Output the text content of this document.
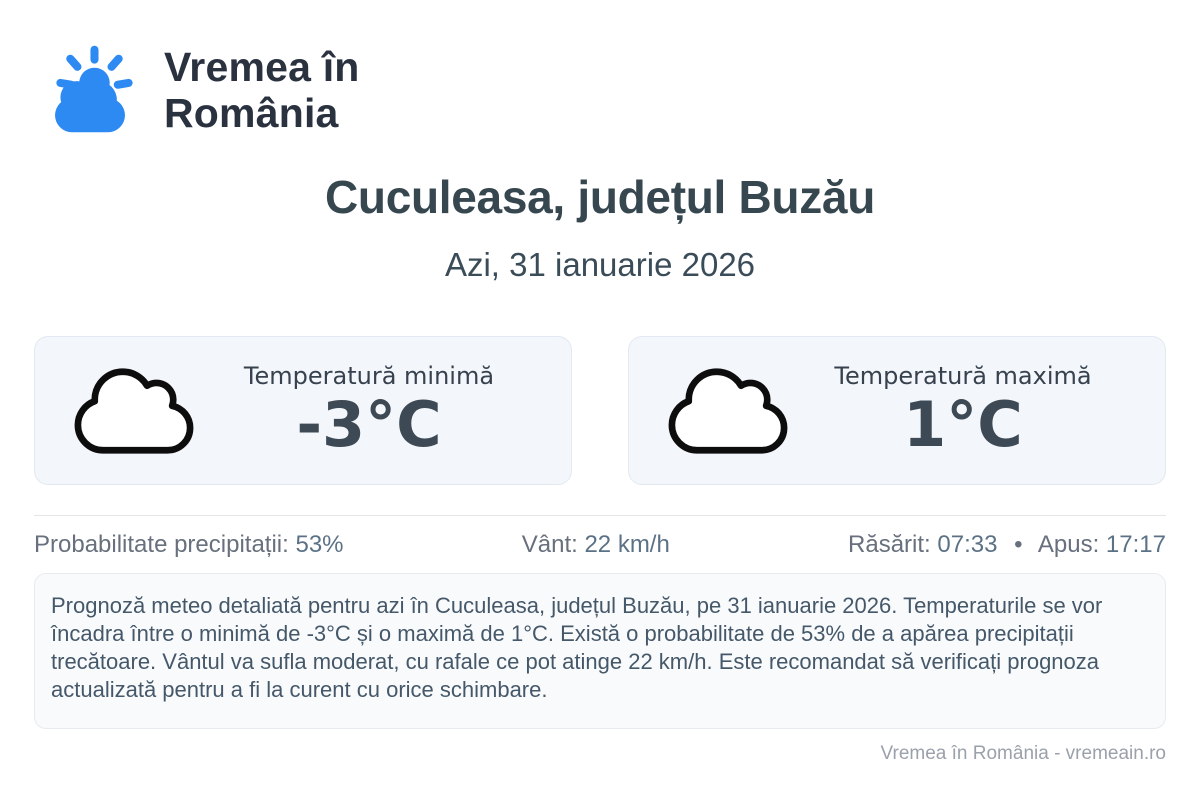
Vremea în
România
Cuculeasa, județul Buzău
Azi, 31 ianuarie 2026
Temperatură minimă
-3°C
Temperatură maximă
1°C
Probabilitate precipitații: 53%	Vânt: 22 km/h	Răsărit: 07:33 • Apus: 17:17
Prognoză meteo detaliată pentru azi în Cuculeasa, județul Buzău, pe 31 ianuarie 2026. Temperaturile se vor încadra între o minimă de -3°C și o maximă de 1°C. Există o probabilitate de 53% de a apărea precipitații trecătoare. Vântul va sufla moderat, cu rafale ce pot atinge 22 km/h. Este recomandat să verificați prognoza actualizată pentru a fi la curent cu orice schimbare.
Vremea în România - vremeain.ro
